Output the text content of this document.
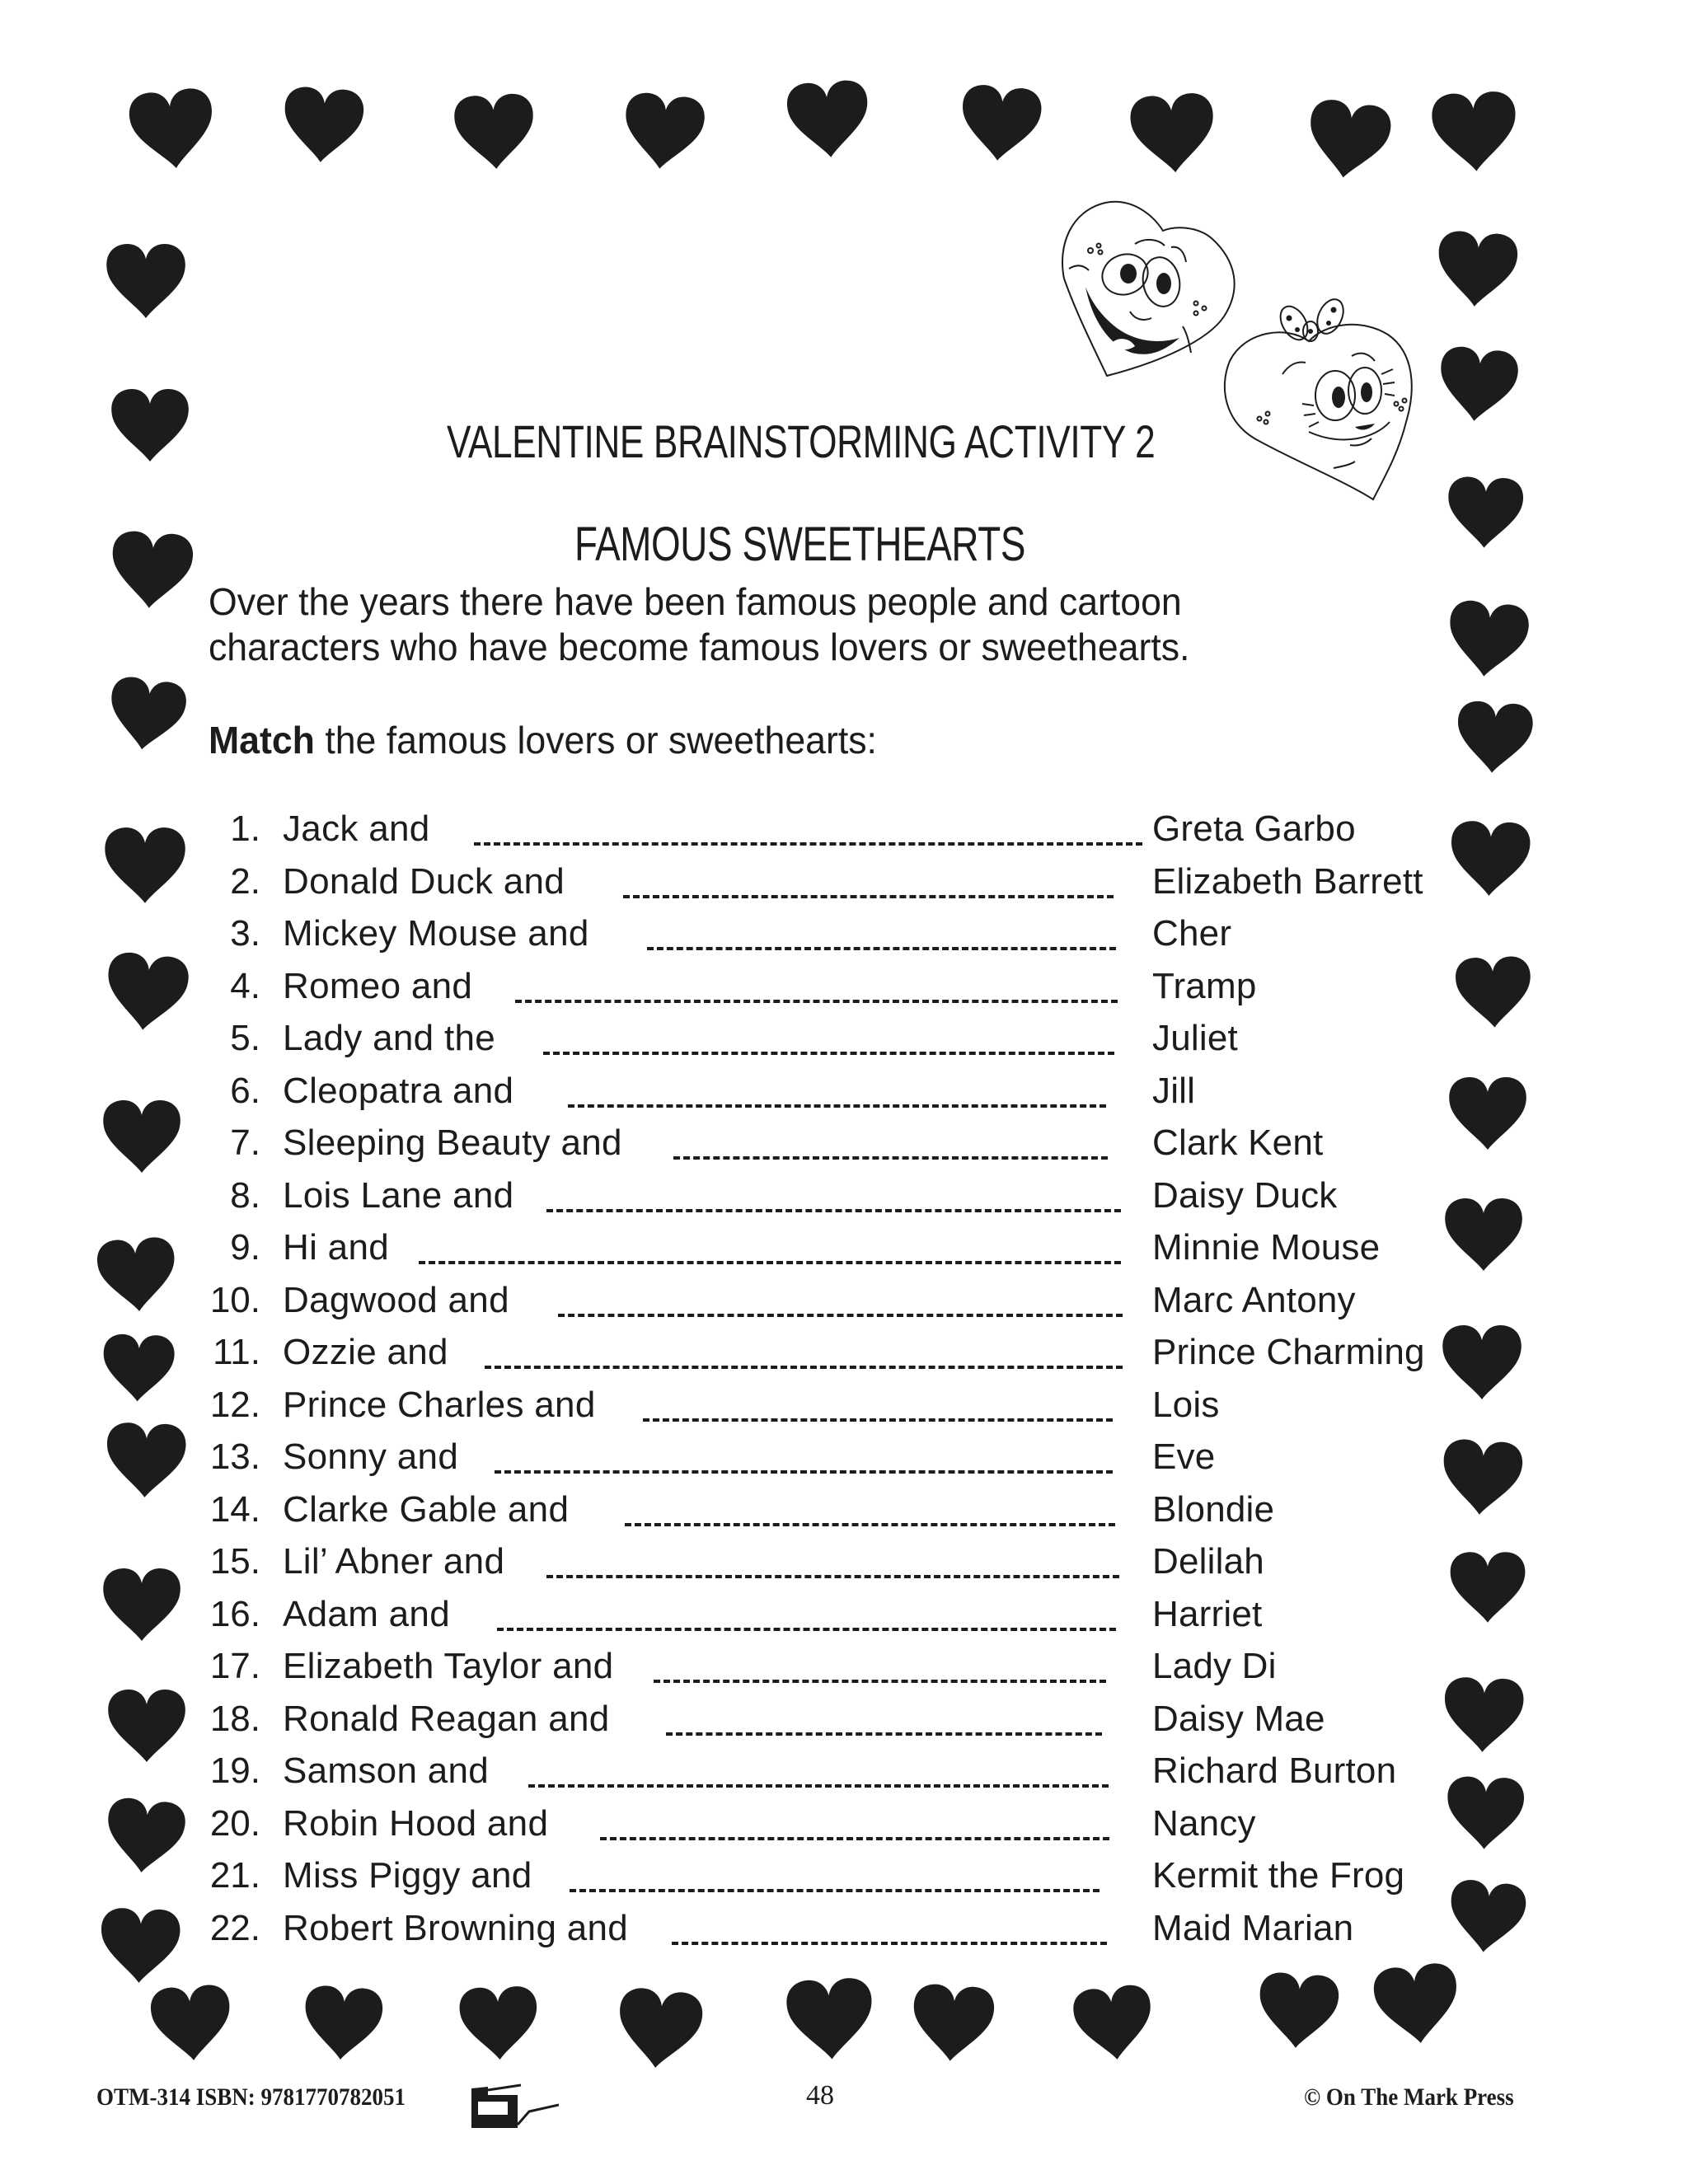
VALENTINE BRAINSTORMING ACTIVITY 2
FAMOUS SWEETHEARTS
Over the years there have been famous people and cartoon
characters who have become famous lovers or sweethearts.
Match the famous lovers or sweethearts:
1. Jack and	Greta Garbo
2. Donald Duck and	Elizabeth Barrett
3. Mickey Mouse and	Cher
4. Romeo and	Tramp
5. Lady and the	Juliet
6. Cleopatra and	Jill
7. Sleeping Beauty and	Clark Kent
8. Lois Lane and	Daisy Duck
9. Hi and	Minnie Mouse
10. Dagwood and	Marc Antony
11. Ozzie and	Prince Charming
12. Prince Charles and	Lois
13. Sonny and	Eve
14. Clarke Gable and	Blondie
15. Lil’ Abner and	Delilah
16. Adam and	Harriet
17. Elizabeth Taylor and	Lady Di
18. Ronald Reagan and	Daisy Mae
19. Samson and	Richard Burton
20. Robin Hood and	Nancy
21. Miss Piggy and	Kermit the Frog
22. Robert Browning and	Maid Marian
OTM-314 ISBN: 9781770782051	48	© On The Mark Press
